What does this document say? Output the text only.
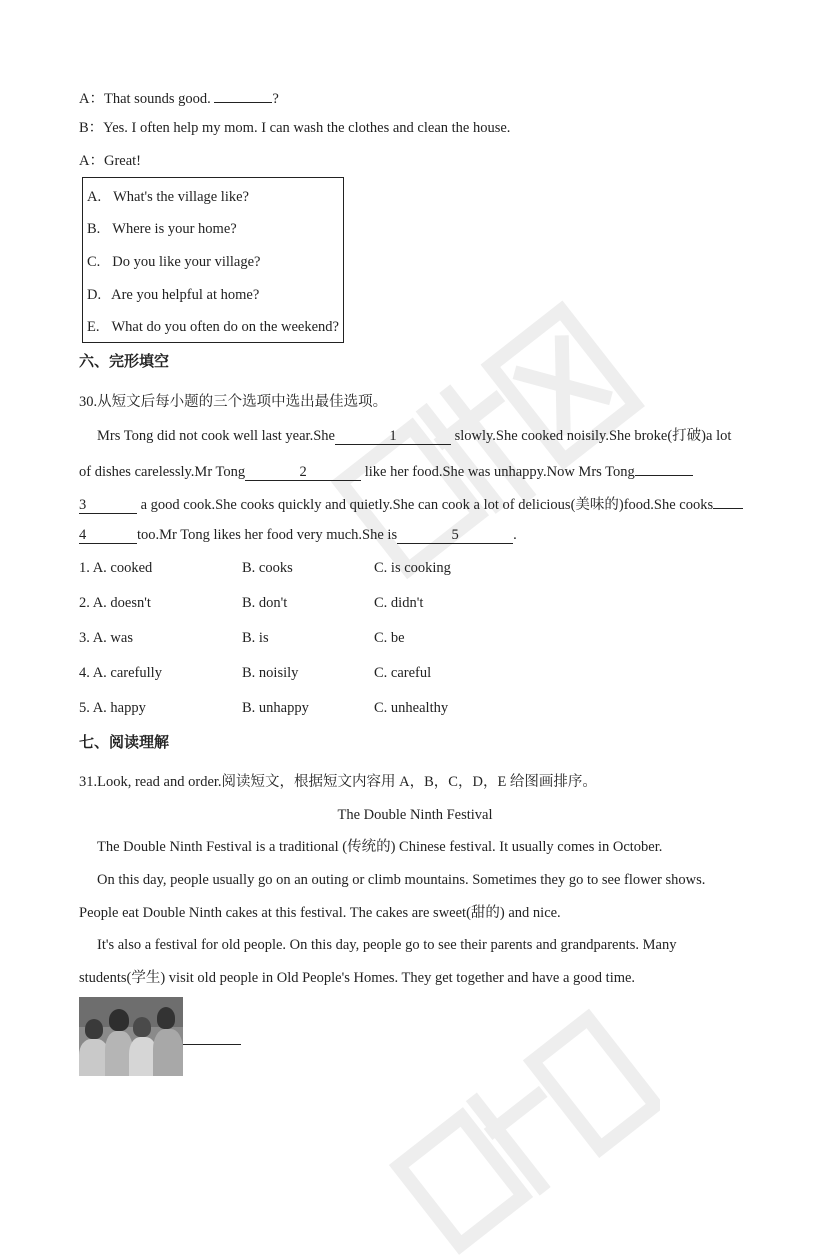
A：That sounds good.	?
B：Yes. I often help my mom. I can wash the clothes and clean the house.
A：Great!
A. What's the village like?
B. Where is your home?
C. Do you like your village?
D. Are you helpful at home?
E. What do you often do on the weekend?
六、完形填空
30.从短文后每小题的三个选项中选出最佳选项。
Mrs Tong did not cook well last year.She	1	slowly.She cooked noisily.She broke(打破)a lot
of dishes carelessly.Mr Tong	2	like her food.She was unhappy.Now Mrs Tong
3	a good cook.She cooks quickly and quietly.She can cook a lot of delicious(美味的)food.She cooks
4	too.Mr Tong likes her food very much.She is	5	.
1. A. cooked	B. cooks	C. is cooking
2. A. doesn't	B. don't	C. didn't
3. A. was	B. is	C. be
4. A. carefully	B. noisily	C. careful
5. A. happy	B. unhappy	C. unhealthy
七、阅读理解
31.Look, read and order.阅读短文，根据短文内容用 A，B，C，D，E 给图画排序。
The Double Ninth Festival
The Double Ninth Festival is a traditional (传统的) Chinese festival. It usually comes in October.
On this day, people usually go on an outing or climb mountains. Sometimes they go to see flower shows.
People eat Double Ninth cakes at this festival. The cakes are sweet(甜的) and nice.
It's also a festival for old people. On this day, people go to see their parents and grandparents. Many
students(学生) visit old people in Old People's Homes. They get together and have a good time.
